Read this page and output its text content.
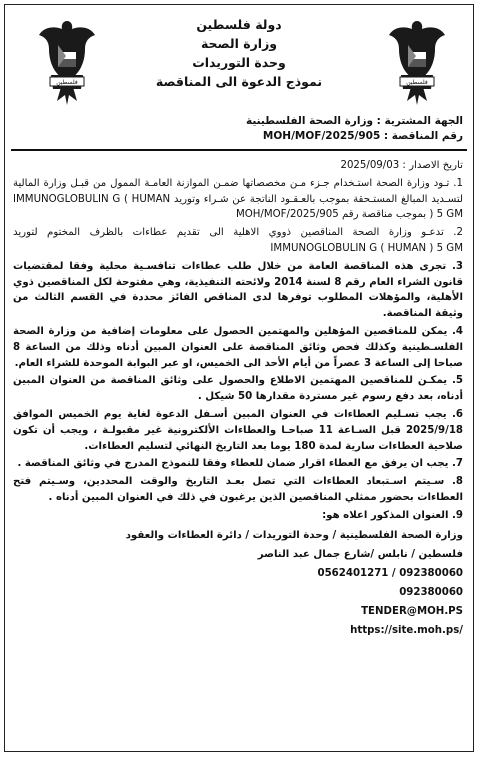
فلسطين	فلسطين
دولة فلسطين
وزارة الصحة
وحدة التوريدات
نموذج الدعوة الى المناقصة
الجهة المشترية : وزارة الصحة الفلسطينية
رقم المناقصة : MOH/MOF/2025/905

تاريخ الاصدار : 2025/09/03

1. تـود وزارة الصحة استـخدام جـزء مـن مخصصاتها ضمـن الموازنة العامـة الممول من قبـل وزارة المالية لتسـديد المبالغ المستـحقة بموجب بالعـقـود الناتجة عن شـراء وتوريد IMMUNOGLOBULIN G ( HUMAN ) 5 GM بموجب مناقصة رقم MOH/MOF/2025/905

2. تدعـو وزارة الصحة المناقصين ذووي الاهلية الى تقديم عطاءات بالظرف المختوم لتوريد IMMUNOGLOBULIN G ( HUMAN ) 5 GM

3. تجرى هذه المناقصة العامة من خلال طلب عطاءات تنافسـية محلية وفقا لمقتضيات قانون الشراء العام رقم 8 لسنة 2014 ولائحته التنفيذية، وهي مفتوحة لكل المناقصين ذوي الأهلية، والمؤهلات المطلوب توفرها لدى المناقص الفائز محددة في القسم الثالث من وثيقة المناقصة.

4. يمكن للمناقصين المؤهلين والمهتمين الحصول على معلومات إضافية من وزارة الصحة الفلسـطينية وكذلك فحص وثائق المناقصة على العنوان المبين أدناه وذلك من الساعة 8 صباحا إلى الساعة 3 عصراً من أيام الأحد الى الخميس، او عبر البوابة الموحدة للشراء العام.

5. يمكـن للمناقصين المهتمين الاطلاع والحصول على وثائق المناقصة من العنوان المبين أدناه، بعد دفع رسوم غير مستردة مقدارها 50 شيكل .

6. يجب تسـليم العطاءات في العنوان المبين أسـفل الدعوة لغاية يوم الخميس الموافق 2025/9/18 قبل السـاعة 11 صباحـا والعطاءات الألكترونية غير مقبولـة ، ويجب أن تكون صلاحية العطاءات سارية لمدة 180 يوما بعد التاريخ النهائي لتسليم العطاءات.

7. يجب ان يرفق مع العطاء اقرار ضمان للعطاء وفقا للنموذج المدرج في وثائق المناقصة .

8. سـيتم اسـتبعاد العطاءات التي تصل بعـد التاريخ والوقت المحددين، وسـيتم فتح العطاءات بحضور ممثلي المناقصين الذين يرغبون في ذلك في العنوان المبين أدناه .

9. العنوان المذكور اعلاه هو:

وزارة الصحة الفلسطينية / وحدة التوريدات / دائرة العطاءات والعقود

فلسطين / نابلس /شارع جمال عبد الناصر

0562401271 / 092380060

092380060

TENDER@MOH.PS

https://site.moh.ps/
